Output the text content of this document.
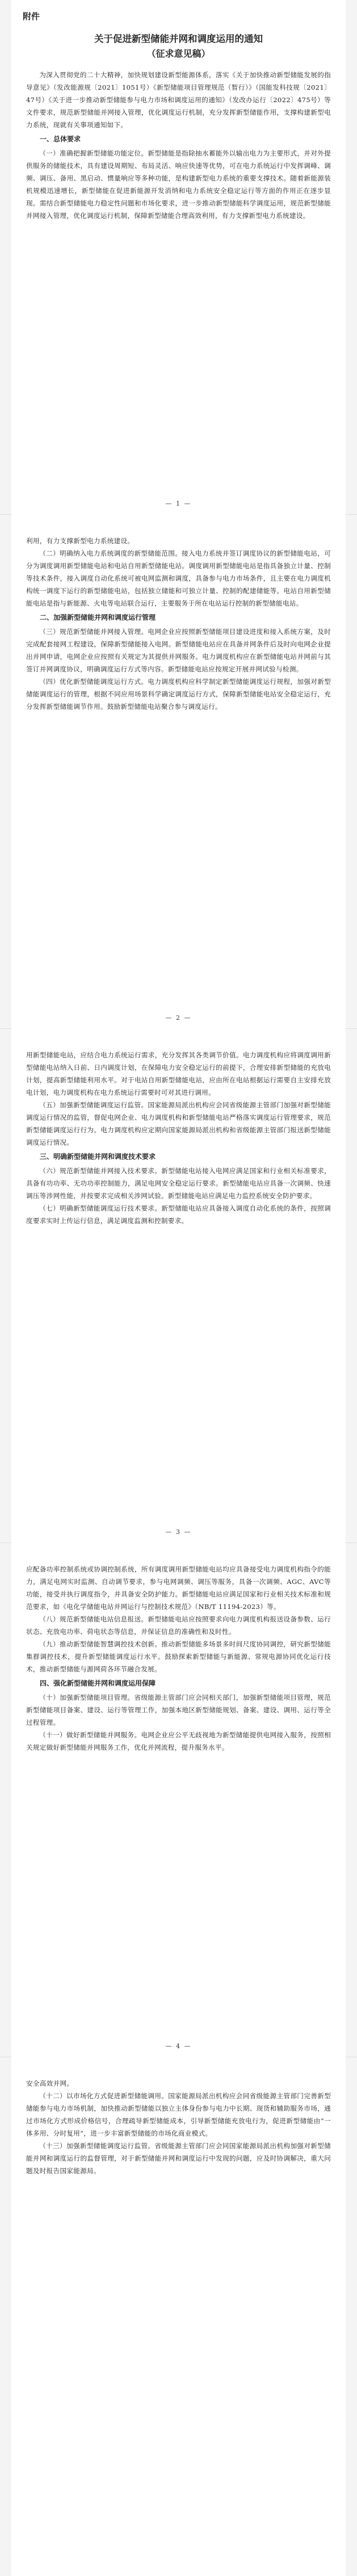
附件
关于促进新型储能并网和调度运用的通知
（征求意见稿）

为深入贯彻党的二十大精神，加快规划建设新型能源体系，落实《关于加快推动新型储能发展的指导意见》（发改能源规〔2021〕1051号）《新型储能项目管理规范（暂行）》（国能发科技规〔2021〕47号）《关于进一步推动新型储能参与电力市场和调度运用的通知》（发改办运行〔2022〕475号）等文件要求，规范新型储能并网接入管理，优化调度运行机制，充分发挥新型储能作用，支撑构建新型电力系统，现就有关事项通知如下。

一、总体要求

（一）准确把握新型储能功能定位。新型储能是指除抽水蓄能外以输出电力为主要形式，并对外提供服务的储能技术，具有建设周期短、布局灵活、响应快速等优势，可在电力系统运行中发挥调峰、调频、调压、备用、黑启动、惯量响应等多种功能，是构建新型电力系统的重要支撑技术。随着新能源装机规模迅速增长，新型储能在促进新能源开发消纳和电力系统安全稳定运行等方面的作用正在逐步显现。需结合新型储能电力稳定性问题和市场化要求，进一步推动新型储能科学调度运用，规范新型储能并网接入管理，优化调度运行机制，保障新型储能合理高效利用，有力支撑新型电力系统建设。

— 1 —

利用，有力支撑新型电力系统建设。

（二）明确纳入电力系统调度的新型储能范围。接入电力系统并签订调度协议的新型储能电站，可分为调度调用新型储能电站和电站自用新型储能电站。调度调用新型储能电站是指具备独立计量、控制等技术条件，接入调度自动化系统可被电网监测和调度，具备参与电力市场条件，且主要在电力调度机构统一调度下运行的新型储能电站，包括独立储能和可独立计量、控制的配建储能等。电站自用新型储能电站是指与新能源、火电等电站联合运行，主要服务于所在电站运行控制的新型储能电站。

二、加强新型储能并网和调度运行管理

（三）规范新型储能并网接入管理。电网企业应按照新型储能项目建设进度和接入系统方案，及时完成配套接网工程建设，保障新型储能接入电网。新型储能电站应在具备并网条件后及时向电网企业提出并网申请，电网企业应按照有关规定为其提供并网服务。电力调度机构应在新型储能电站并网前与其签订并网调度协议，明确调度运行方式等内容。新型储能电站应按规定开展并网试验与检测。

（四）优化新型储能调度运行方式。电力调度机构应科学制定新型储能调度运行规程，加强对新型储能调度运行的管理，根据不同应用场景科学确定调度运行方式，保障新型储能电站安全稳定运行，充分发挥新型储能调节作用。鼓励新型储能电站聚合参与调度运行。

— 2 —

用新型储能电站，应结合电力系统运行需求，充分发挥其各类调节价值。电力调度机构应将调度调用新型储能电站纳入日前、日内调度计划，在保障电力安全稳定运行的前提下，合理安排新型储能的充放电计划，提高新型储能利用水平。对于电站自用新型储能电站，应由所在电站根据运行需要自主安排充放电计划，电力调度机构在电力系统运行需要时可对其进行调用。

（五）加强新型储能调度运行监管。国家能源局派出机构应会同省级能源主管部门加强对新型储能调度运行情况的监管，督促电网企业、电力调度机构和新型储能电站严格落实调度运行管理要求，规范新型储能调度运行行为。电力调度机构应定期向国家能源局派出机构和省级能源主管部门报送新型储能调度运行情况。

三、明确新型储能并网和调度技术要求

（六）规范新型储能并网接入技术要求。新型储能电站接入电网应满足国家和行业相关标准要求，具备有功功率、无功功率控制能力，满足电网安全稳定运行要求。新型储能电站应具备一次调频、快速调压等涉网性能，并按要求完成相关涉网试验。新型储能电站应满足电力监控系统安全防护要求。

（七）明确新型储能调度运行技术要求。新型储能电站应具备接入调度自动化系统的条件，按照调度要求实时上传运行信息，满足调度监测和控制要求。

— 3 —

应配备功率控制系统或协调控制系统，所有调度调用新型储能电站均应具备接受电力调度机构指令的能力，满足电网实时监测、自动调节要求，参与电网调频、调压等服务，具备一次调频、AGC、AVC等功能，接受并执行调度指令，并具备安全防护能力。新型储能电站应满足国家和行业相关技术标准和规范要求，如《电化学储能电站并网运行与控制技术规范》（NB/T 11194-2023）等。

（八）规范新型储能电站信息报送。新型储能电站应按照要求向电力调度机构报送设备参数、运行状态、充放电功率、荷电状态等信息，并保证信息的准确性和及时性。

（九）推动新型储能智慧调控技术创新。推动新型储能多场景多时间尺度协同调控，研究新型储能集群调控技术，提升新型储能调度运行水平。鼓励探索新型储能与新能源、常规电源协同优化运行技术，推动新型储能与源网荷各环节融合发展。

四、强化新型储能并网和调度运用保障

（十）加强新型储能项目管理。省级能源主管部门应会同相关部门，加强新型储能项目管理，规范新型储能项目备案、建设、运行等管理工作，加强本地区新型储能规划、备案、建设、调用、运行等全过程管理。

（十一）做好新型储能并网服务。电网企业应公平无歧视地为新型储能提供电网接入服务，按照相关规定做好新型储能并网服务工作，优化并网流程，提升服务水平。

— 4 —

安全高效并网。

（十二）以市场化方式促进新型储能调用。国家能源局派出机构应会同省级能源主管部门完善新型储能参与电力市场机制，加快推动新型储能以独立主体身份参与电力中长期、现货和辅助服务市场，通过市场化方式形成价格信号，合理疏导新型储能成本，引导新型储能充放电行为，促进新型储能由“一体多用、分时复用”，进一步丰富新型储能的市场化商业模式。

（十三）加强新型储能调度运行监管。省级能源主管部门应会同国家能源局派出机构加强对新型储能并网和调度运行的监督管理，对于新型储能并网和调度运行中发现的问题，应及时协调解决，重大问题及时报告国家能源局。
